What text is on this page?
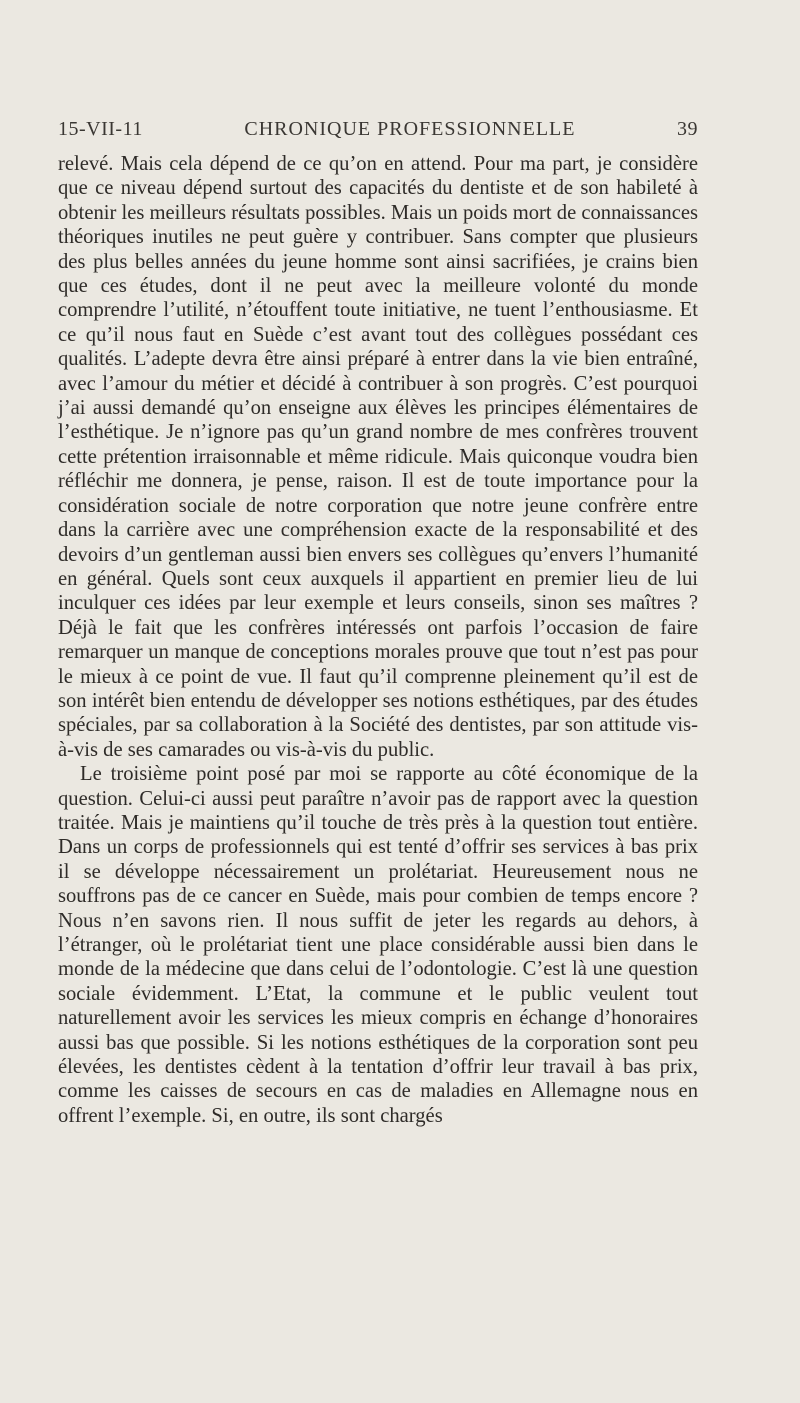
15-VII-11	CHRONIQUE PROFESSIONNELLE	39

relevé. Mais cela dépend de ce qu’on en attend. Pour ma part, je considère que ce niveau dépend surtout des capacités du dentiste et de son habileté à obtenir les meilleurs résultats possibles. Mais un poids mort de connaissances théoriques inutiles ne peut guère y contribuer. Sans compter que plusieurs des plus belles années du jeune homme sont ainsi sacrifiées, je crains bien que ces études, dont il ne peut avec la meilleure volonté du monde comprendre l’utilité, n’étouffent toute initiative, ne tuent l’enthousiasme. Et ce qu’il nous faut en Suède c’est avant tout des collègues possédant ces qualités. L’adepte devra être ainsi préparé à entrer dans la vie bien entraîné, avec l’amour du métier et décidé à contribuer à son progrès. C’est pourquoi j’ai aussi demandé qu’on enseigne aux élèves les principes élémentaires de l’esthétique. Je n’ignore pas qu’un grand nombre de mes confrères trouvent cette prétention irraisonnable et même ridicule. Mais quiconque voudra bien réfléchir me donnera, je pense, raison. Il est de toute importance pour la considération sociale de notre corporation que notre jeune confrère entre dans la carrière avec une compréhension exacte de la responsabilité et des devoirs d’un gentleman aussi bien envers ses collègues qu’envers l’humanité en général. Quels sont ceux auxquels il appartient en premier lieu de lui inculquer ces idées par leur exemple et leurs conseils, sinon ses maîtres ? Déjà le fait que les confrères intéressés ont parfois l’occasion de faire remarquer un manque de conceptions morales prouve que tout n’est pas pour le mieux à ce point de vue. Il faut qu’il comprenne pleinement qu’il est de son intérêt bien entendu de développer ses notions esthétiques, par des études spéciales, par sa collaboration à la Société des dentistes, par son attitude vis-à-vis de ses camarades ou vis-à-vis du public.

Le troisième point posé par moi se rapporte au côté économique de la question. Celui-ci aussi peut paraître n’avoir pas de rapport avec la question traitée. Mais je maintiens qu’il touche de très près à la question tout entière. Dans un corps de professionnels qui est tenté d’offrir ses services à bas prix il se développe nécessairement un prolétariat. Heureusement nous ne souffrons pas de ce cancer en Suède, mais pour combien de temps encore ? Nous n’en savons rien. Il nous suffit de jeter les regards au dehors, à l’étranger, où le prolétariat tient une place considérable aussi bien dans le monde de la médecine que dans celui de l’odontologie. C’est là une question sociale évidemment. L’Etat, la commune et le public veulent tout naturellement avoir les services les mieux compris en échange d’honoraires aussi bas que possible. Si les notions esthétiques de la corporation sont peu élevées, les dentistes cèdent à la tentation d’offrir leur travail à bas prix, comme les caisses de secours en cas de maladies en Allemagne nous en offrent l’exemple. Si, en outre, ils sont chargés
